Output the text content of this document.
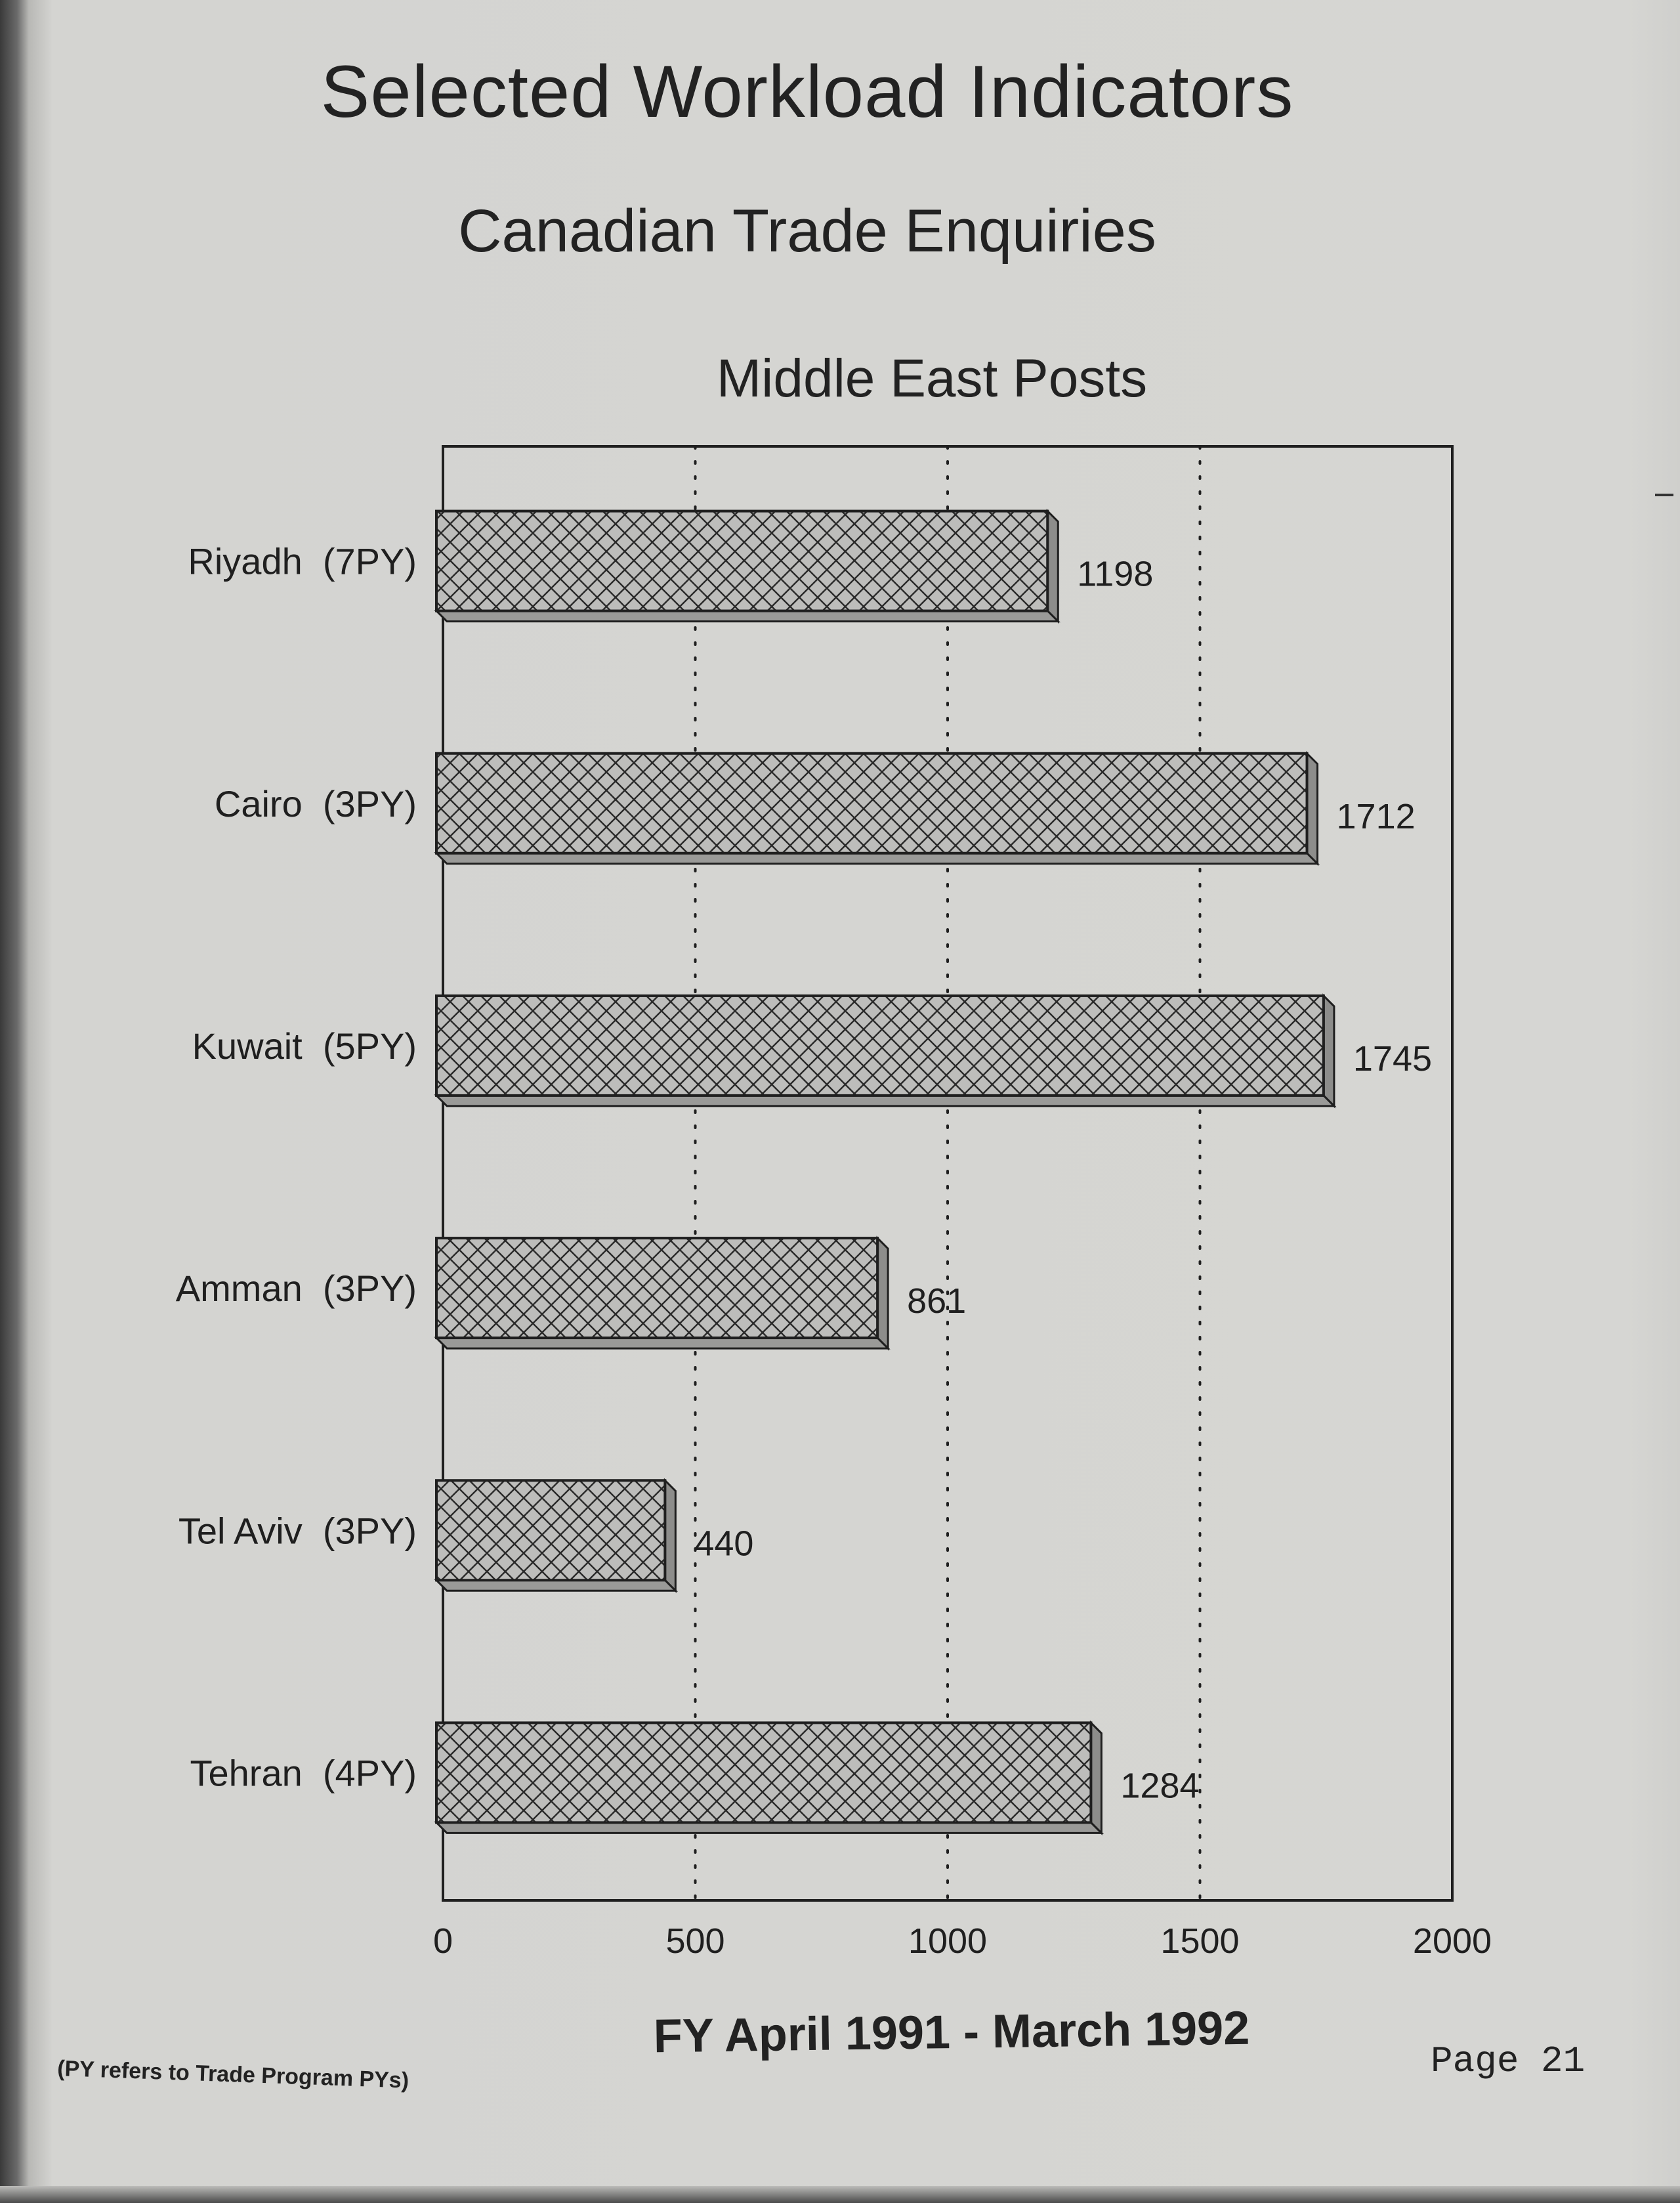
Selected Workload Indicators
Canadian Trade Enquiries
Middle East Posts
0	500	1000	1500	2000
1198
Riyadh  (7PY)
1712
Cairo  (3PY)
1745
Kuwait  (5PY)
861
Amman  (3PY)
440
Tel Aviv  (3PY)
1284
Tehran  (4PY)
(PY refers to Trade Program PYs)
FY April 1991 - March 1992	Page 21
